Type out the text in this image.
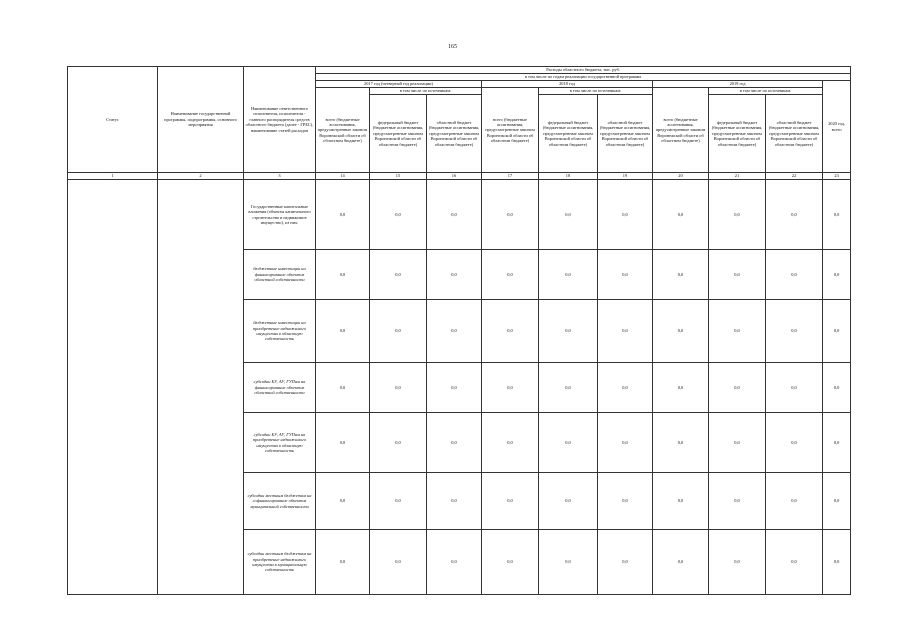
165
Статус	Наименование государственной программы, подпрограммы, основного мероприятия	Наименование ответственного исполнителя, исполнителя - главного распорядителя средств областного бюджета (далее - ГРБС), наименование статей расходов	Расходы областного бюджета, тыс. руб.									
			в том числе по годам реализации государственной программы									
			2017 год (четвертый год реализации)			2018 год			2019 год			2020 год, всего
			всего (бюджетные ассигнования, предусмотренные законом Воронежской области об областном бюджете)	в том числе по источникам:		всего (бюджетные ассигнования, предусмотренные законом Воронежской области об областном бюджете)	в том числе по источникам:		всего (бюджетные ассигнования, предусмотренные законом Воронежской области об областном бюджете)	в том числе по источникам:		
				федеральный бюджет (бюджетные ассигнования, предусмотренные законом Воронежской области об областном бюджете)	областной бюджет (бюджетные ассигнования, предусмотренные законом Воронежской области об областном бюджете)		федеральный бюджет (бюджетные ассигнования, предусмотренные законом Воронежской области об областном бюджете)	областной бюджет (бюджетные ассигнования, предусмотренные законом Воронежской области об областном бюджете)		федеральный бюджет (бюджетные ассигнования, предусмотренные законом Воронежской области об областном бюджете)	областной бюджет (бюджетные ассигнования, предусмотренные законом Воронежской области об областном бюджете)	
1	2	3	14	15	16	17	18	19	20	21	22	23
		Государственные капитальные вложения (объекты капитального строительства и недвижимое имущество), из них:	0,0	0,0	0,0	0,0	0,0	0,0	0,0	0,0	0,0	0,0
		бюджетные инвестиции на финансирование объектов областной собственности	0,0	0,0	0,0	0,0	0,0	0,0	0,0	0,0	0,0	0,0
		бюджетные инвестиции на приобретение недвижимого имущества в областную собственность	0,0	0,0	0,0	0,0	0,0	0,0	0,0	0,0	0,0	0,0
		субсидии БУ, АУ, ГУПам на финансирование объектов областной собственности	0,0	0,0	0,0	0,0	0,0	0,0	0,0	0,0	0,0	0,0
		субсидии БУ, АУ, ГУПам на приобретение недвижимого имущества в областную собственность	0,0	0,0	0,0	0,0	0,0	0,0	0,0	0,0	0,0	0,0
		субсидии местным бюджетам на софинансирование объектов муниципальной собственности	0,0	0,0	0,0	0,0	0,0	0,0	0,0	0,0	0,0	0,0
		субсидии местным бюджетам на приобретение недвижимого имущества в муниципальную собственность	0,0	0,0	0,0	0,0	0,0	0,0	0,0	0,0	0,0	0,0
